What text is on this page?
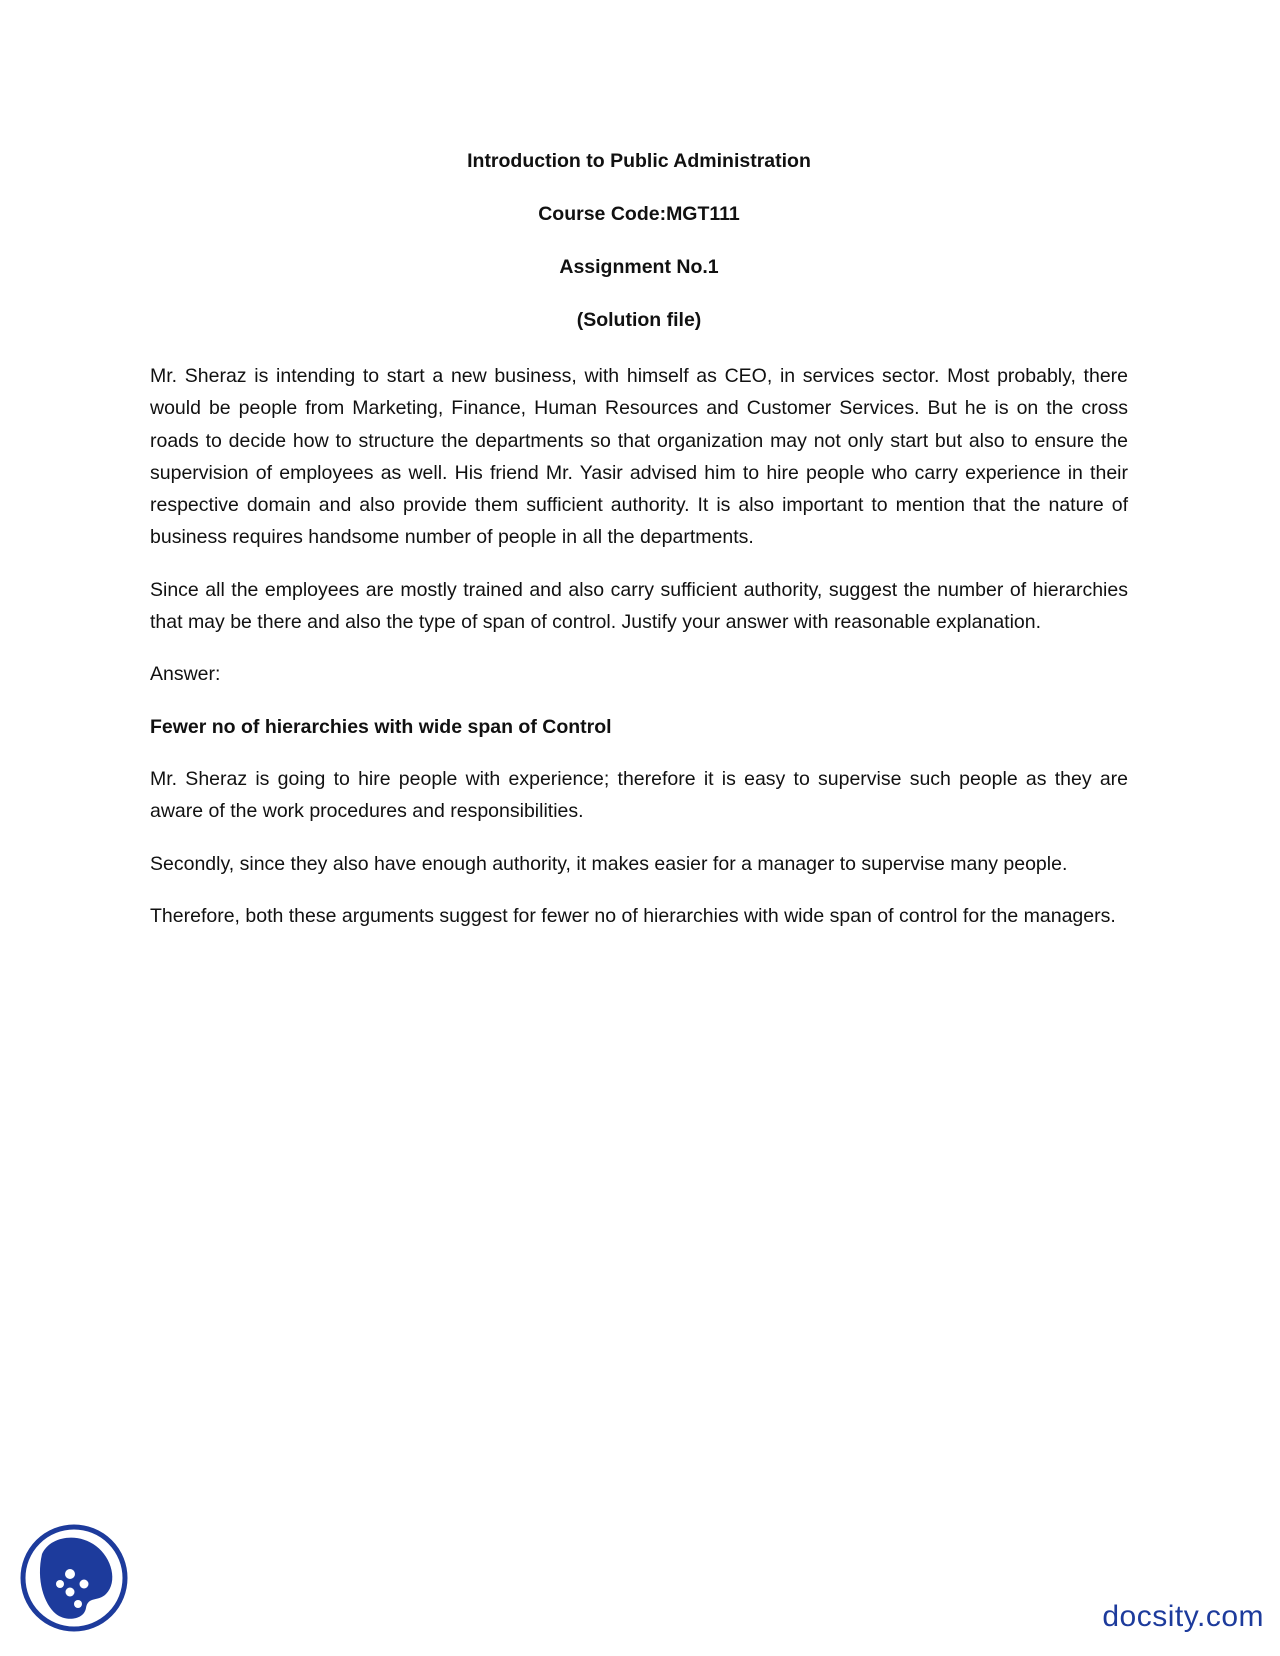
Introduction to Public Administration

Course Code:MGT111

Assignment No.1

(Solution file)

Mr. Sheraz is intending to start a new business, with himself as CEO, in services sector. Most probably, there would be people from Marketing, Finance, Human Resources and Customer Services. But he is on the cross roads to decide how to structure the departments so that organization may not only start but also to ensure the supervision of employees as well. His friend Mr. Yasir advised him to hire people who carry experience in their respective domain and also provide them sufficient authority. It is also important to mention that the nature of business requires handsome number of people in all the departments.

Since all the employees are mostly trained and also carry sufficient authority, suggest the number of hierarchies that may be there and also the type of span of control. Justify your answer with reasonable explanation.

Answer:

Fewer no of hierarchies with wide span of Control

Mr. Sheraz is going to hire people with experience; therefore it is easy to supervise such people as they are aware of the work procedures and responsibilities.

Secondly, since they also have enough authority, it makes easier for a manager to supervise many people.

Therefore, both these arguments suggest for fewer no of hierarchies with wide span of control for the managers.

docsity.com
